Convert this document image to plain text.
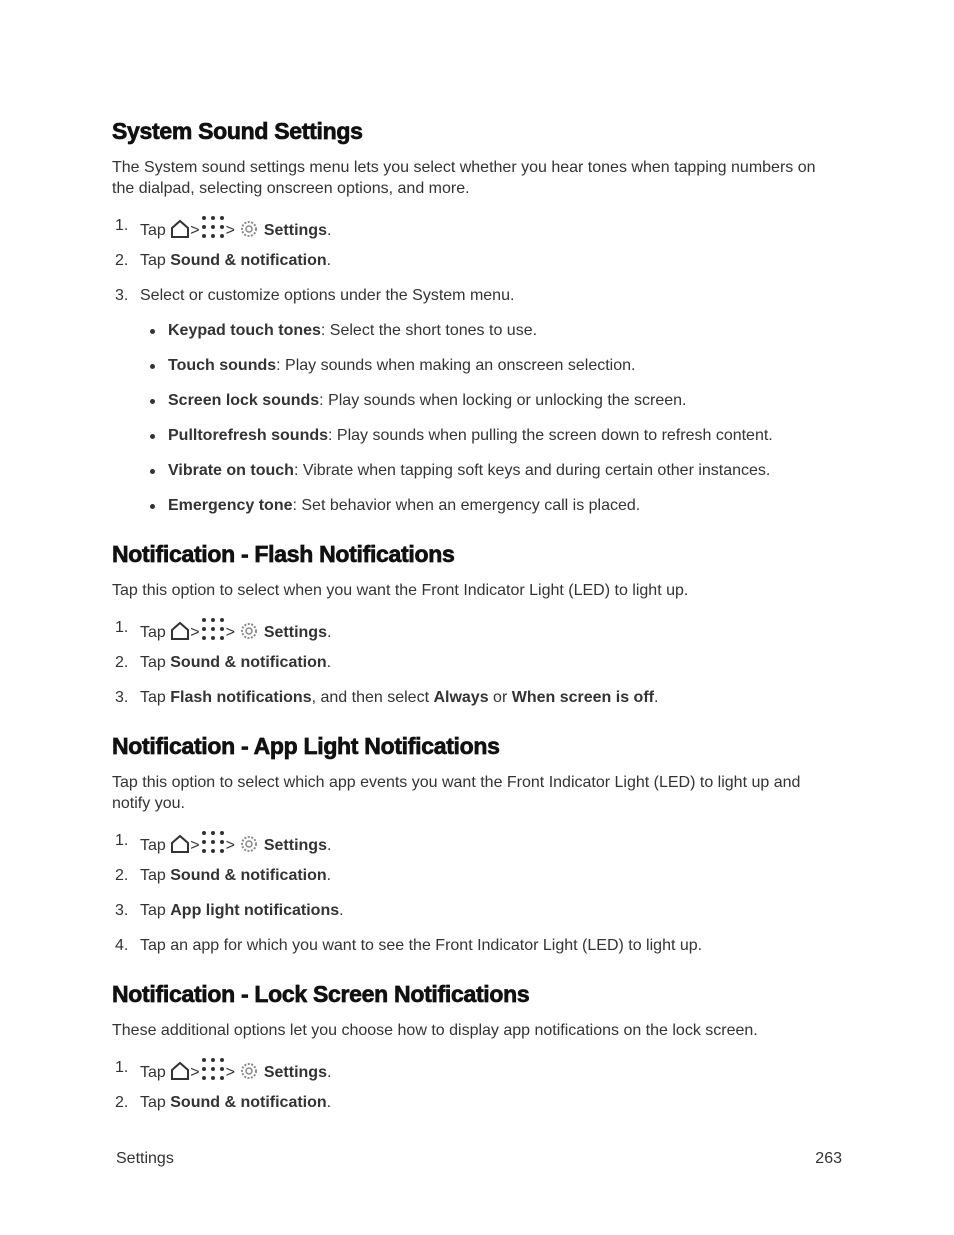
System Sound Settings

The System sound settings menu lets you select whether you hear tones when tapping numbers on the dialpad, selecting onscreen options, and more.

1. Tap > > Settings.
2. Tap Sound & notification.
3. Select or customize options under the System menu.
Keypad touch tones: Select the short tones to use.
Touch sounds: Play sounds when making an onscreen selection.
Screen lock sounds: Play sounds when locking or unlocking the screen.
Pulltorefresh sounds: Play sounds when pulling the screen down to refresh content.
Vibrate on touch: Vibrate when tapping soft keys and during certain other instances.
Emergency tone: Set behavior when an emergency call is placed.
Notification - Flash Notifications

Tap this option to select when you want the Front Indicator Light (LED) to light up.

1. Tap > > Settings.
2. Tap Sound & notification.
3. Tap Flash notifications, and then select Always or When screen is off.
Notification - App Light Notifications

Tap this option to select which app events you want the Front Indicator Light (LED) to light up and notify you.

1. Tap > > Settings.
2. Tap Sound & notification.
3. Tap App light notifications.
4. Tap an app for which you want to see the Front Indicator Light (LED) to light up.
Notification - Lock Screen Notifications

These additional options let you choose how to display app notifications on the lock screen.

1. Tap > > Settings.
2. Tap Sound & notification.
Settings	263
